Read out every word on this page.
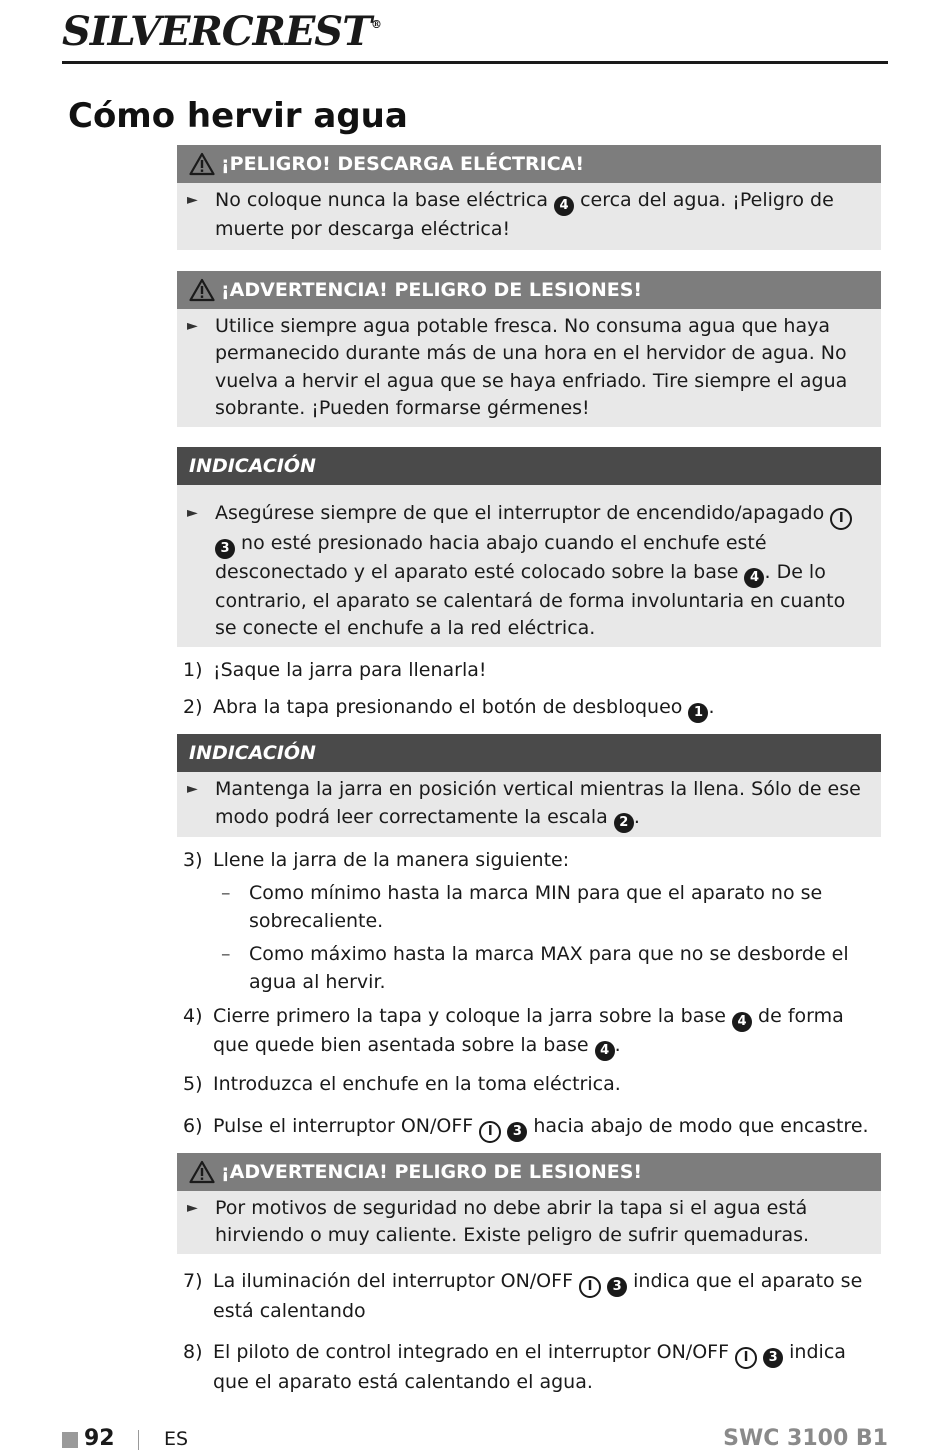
SILVERCREST®
Cómo hervir agua
¡PELIGRO! DESCARGA ELÉCTRICA!
► No coloque nunca la base eléctrica 4 cerca del agua. ¡Peligro de muerte por descarga eléctrica!
¡ADVERTENCIA! PELIGRO DE LESIONES!
► Utilice siempre agua potable fresca. No consuma agua que haya permanecido durante más de una hora en el hervidor de agua. No vuelva a hervir el agua que se haya enfriado. Tire siempre el agua sobrante. ¡Pueden formarse gérmenes!
INDICACIÓN
► Asegúrese siempre de que el interruptor de encendido/apagado I 3 no esté presionado hacia abajo cuando el enchufe esté desconectado y el aparato esté colocado sobre la base 4 . De lo contrario, el aparato se calentará de forma involuntaria en cuanto se conecte el enchufe a la red eléctrica.
1) ¡Saque la jarra para llenarla!
2) Abra la tapa presionando el botón de desbloqueo 1 .
INDICACIÓN
► Mantenga la jarra en posición vertical mientras la llena. Sólo de ese modo podrá leer correctamente la escala 2 .
3) Llene la jarra de la manera siguiente:
– Como mínimo hasta la marca MIN para que el aparato no se sobrecaliente.
– Como máximo hasta la marca MAX para que no se desborde el agua al hervir.
4) Cierre primero la tapa y coloque la jarra sobre la base 4 de forma que quede bien asentada sobre la base 4 .
5) Introduzca el enchufe en la toma eléctrica.
6) Pulse el interruptor ON/OFF I 3 hacia abajo de modo que encastre.
¡ADVERTENCIA! PELIGRO DE LESIONES!
► Por motivos de seguridad no debe abrir la tapa si el agua está hirviendo o muy caliente. Existe peligro de sufrir quemaduras.
7) La iluminación del interruptor ON/OFF I 3 indica que el aparato se está calentando
8) El piloto de control integrado en el interruptor ON/OFF I 3 indica que el aparato está calentando el agua.
92	ES	SWC 3100 B1
